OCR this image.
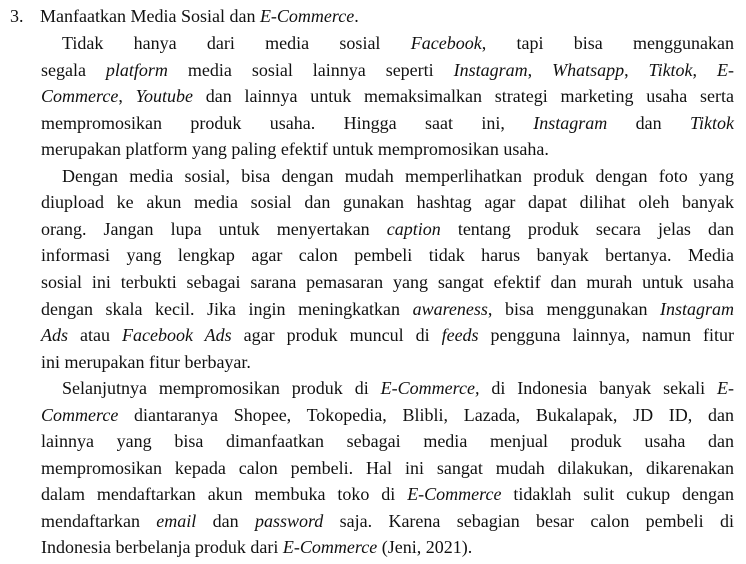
3. Manfaatkan Media Sosial dan E-Commerce.
Tidak hanya dari media sosial Facebook, tapi bisa menggunakan
segala platform media sosial lainnya seperti Instagram, Whatsapp, Tiktok, E-
Commerce, Youtube dan lainnya untuk memaksimalkan strategi marketing usaha serta
mempromosikan produk usaha. Hingga saat ini, Instagram dan Tiktok
merupakan platform yang paling efektif untuk mempromosikan usaha.
Dengan media sosial, bisa dengan mudah memperlihatkan produk dengan foto yang
diupload ke akun media sosial dan gunakan hashtag agar dapat dilihat oleh banyak
orang. Jangan lupa untuk menyertakan caption tentang produk secara jelas dan
informasi yang lengkap agar calon pembeli tidak harus banyak bertanya. Media
sosial ini terbukti sebagai sarana pemasaran yang sangat efektif dan murah untuk usaha
dengan skala kecil. Jika ingin meningkatkan awareness, bisa menggunakan Instagram
Ads atau Facebook Ads agar produk muncul di feeds pengguna lainnya, namun fitur
ini merupakan fitur berbayar.
Selanjutnya mempromosikan produk di E-Commerce, di Indonesia banyak sekali E-
Commerce diantaranya Shopee, Tokopedia, Blibli, Lazada, Bukalapak, JD ID, dan
lainnya yang bisa dimanfaatkan sebagai media menjual produk usaha dan
mempromosikan kepada calon pembeli. Hal ini sangat mudah dilakukan, dikarenakan
dalam mendaftarkan akun membuka toko di E-Commerce tidaklah sulit cukup dengan
mendaftarkan email dan password saja. Karena sebagian besar calon pembeli di
Indonesia berbelanja produk dari E-Commerce (Jeni, 2021).
